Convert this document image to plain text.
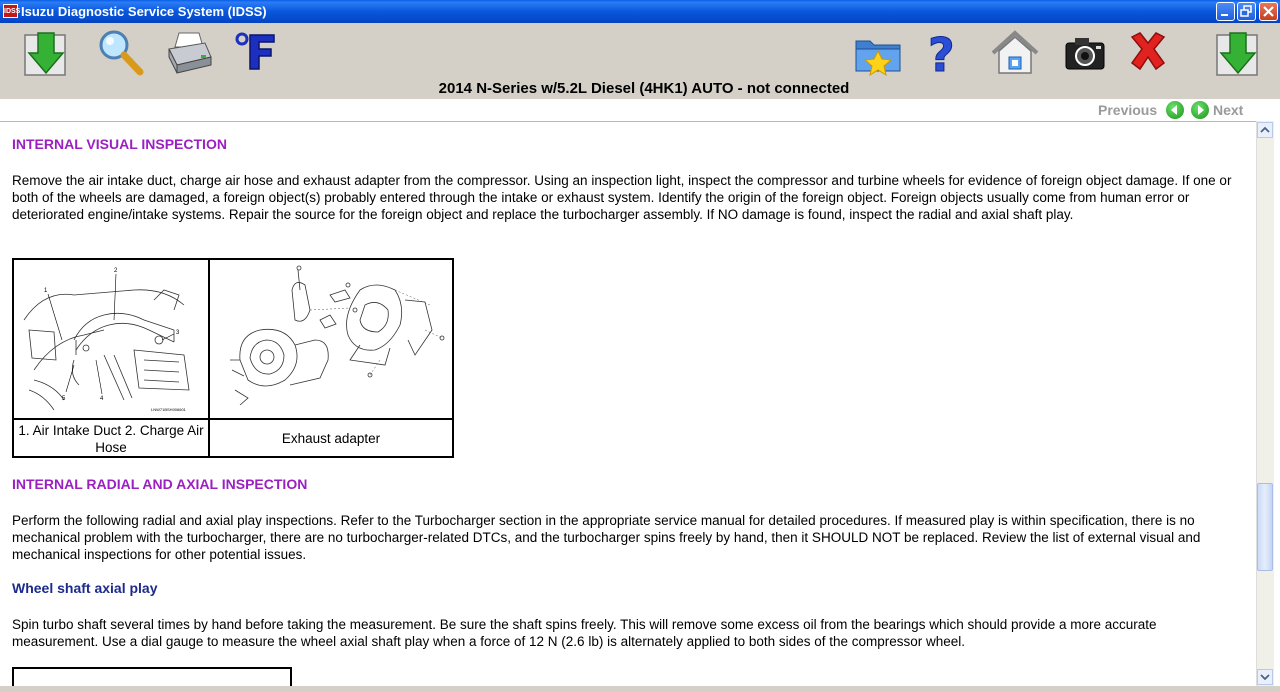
IDSS Isuzu Diagnostic Service System (IDSS)
?
2014 N-Series w/5.2L Diesel (4HK1) AUTO - not connected
Previous	Next
INTERNAL VISUAL INSPECTION
Remove the air intake duct, charge air hose and exhaust adapter from the compressor. Using an inspection light, inspect the compressor and turbine wheels for evidence of foreign object damage. If one or both of the wheels are damaged, a foreign object(s) probably entered through the intake or exhaust system. Identify the origin of the foreign object. Foreign objects usually come from human error or deteriorated engine/intake systems. Repair the source for the foreign object and replace the turbocharger assembly. If NO damage is found, inspect the radial and axial shaft play.
1
2
3
4
5
LNW71BSH006601
1. Air Intake Duct 2. Charge Air Hose
Exhaust adapter
INTERNAL RADIAL AND AXIAL INSPECTION
Perform the following radial and axial play inspections. Refer to the Turbocharger section in the appropriate service manual for detailed procedures. If measured play is within specification, there is no mechanical problem with the turbocharger, there are no turbocharger-related DTCs, and the turbocharger spins freely by hand, then it SHOULD NOT be replaced. Review the list of external visual and mechanical inspections for other potential issues.
Wheel shaft axial play
Spin turbo shaft several times by hand before taking the measurement. Be sure the shaft spins freely. This will remove some excess oil from the bearings which should provide a more accurate measurement. Use a dial gauge to measure the wheel axial shaft play when a force of 12 N (2.6 lb) is alternately applied to both sides of the compressor wheel.
